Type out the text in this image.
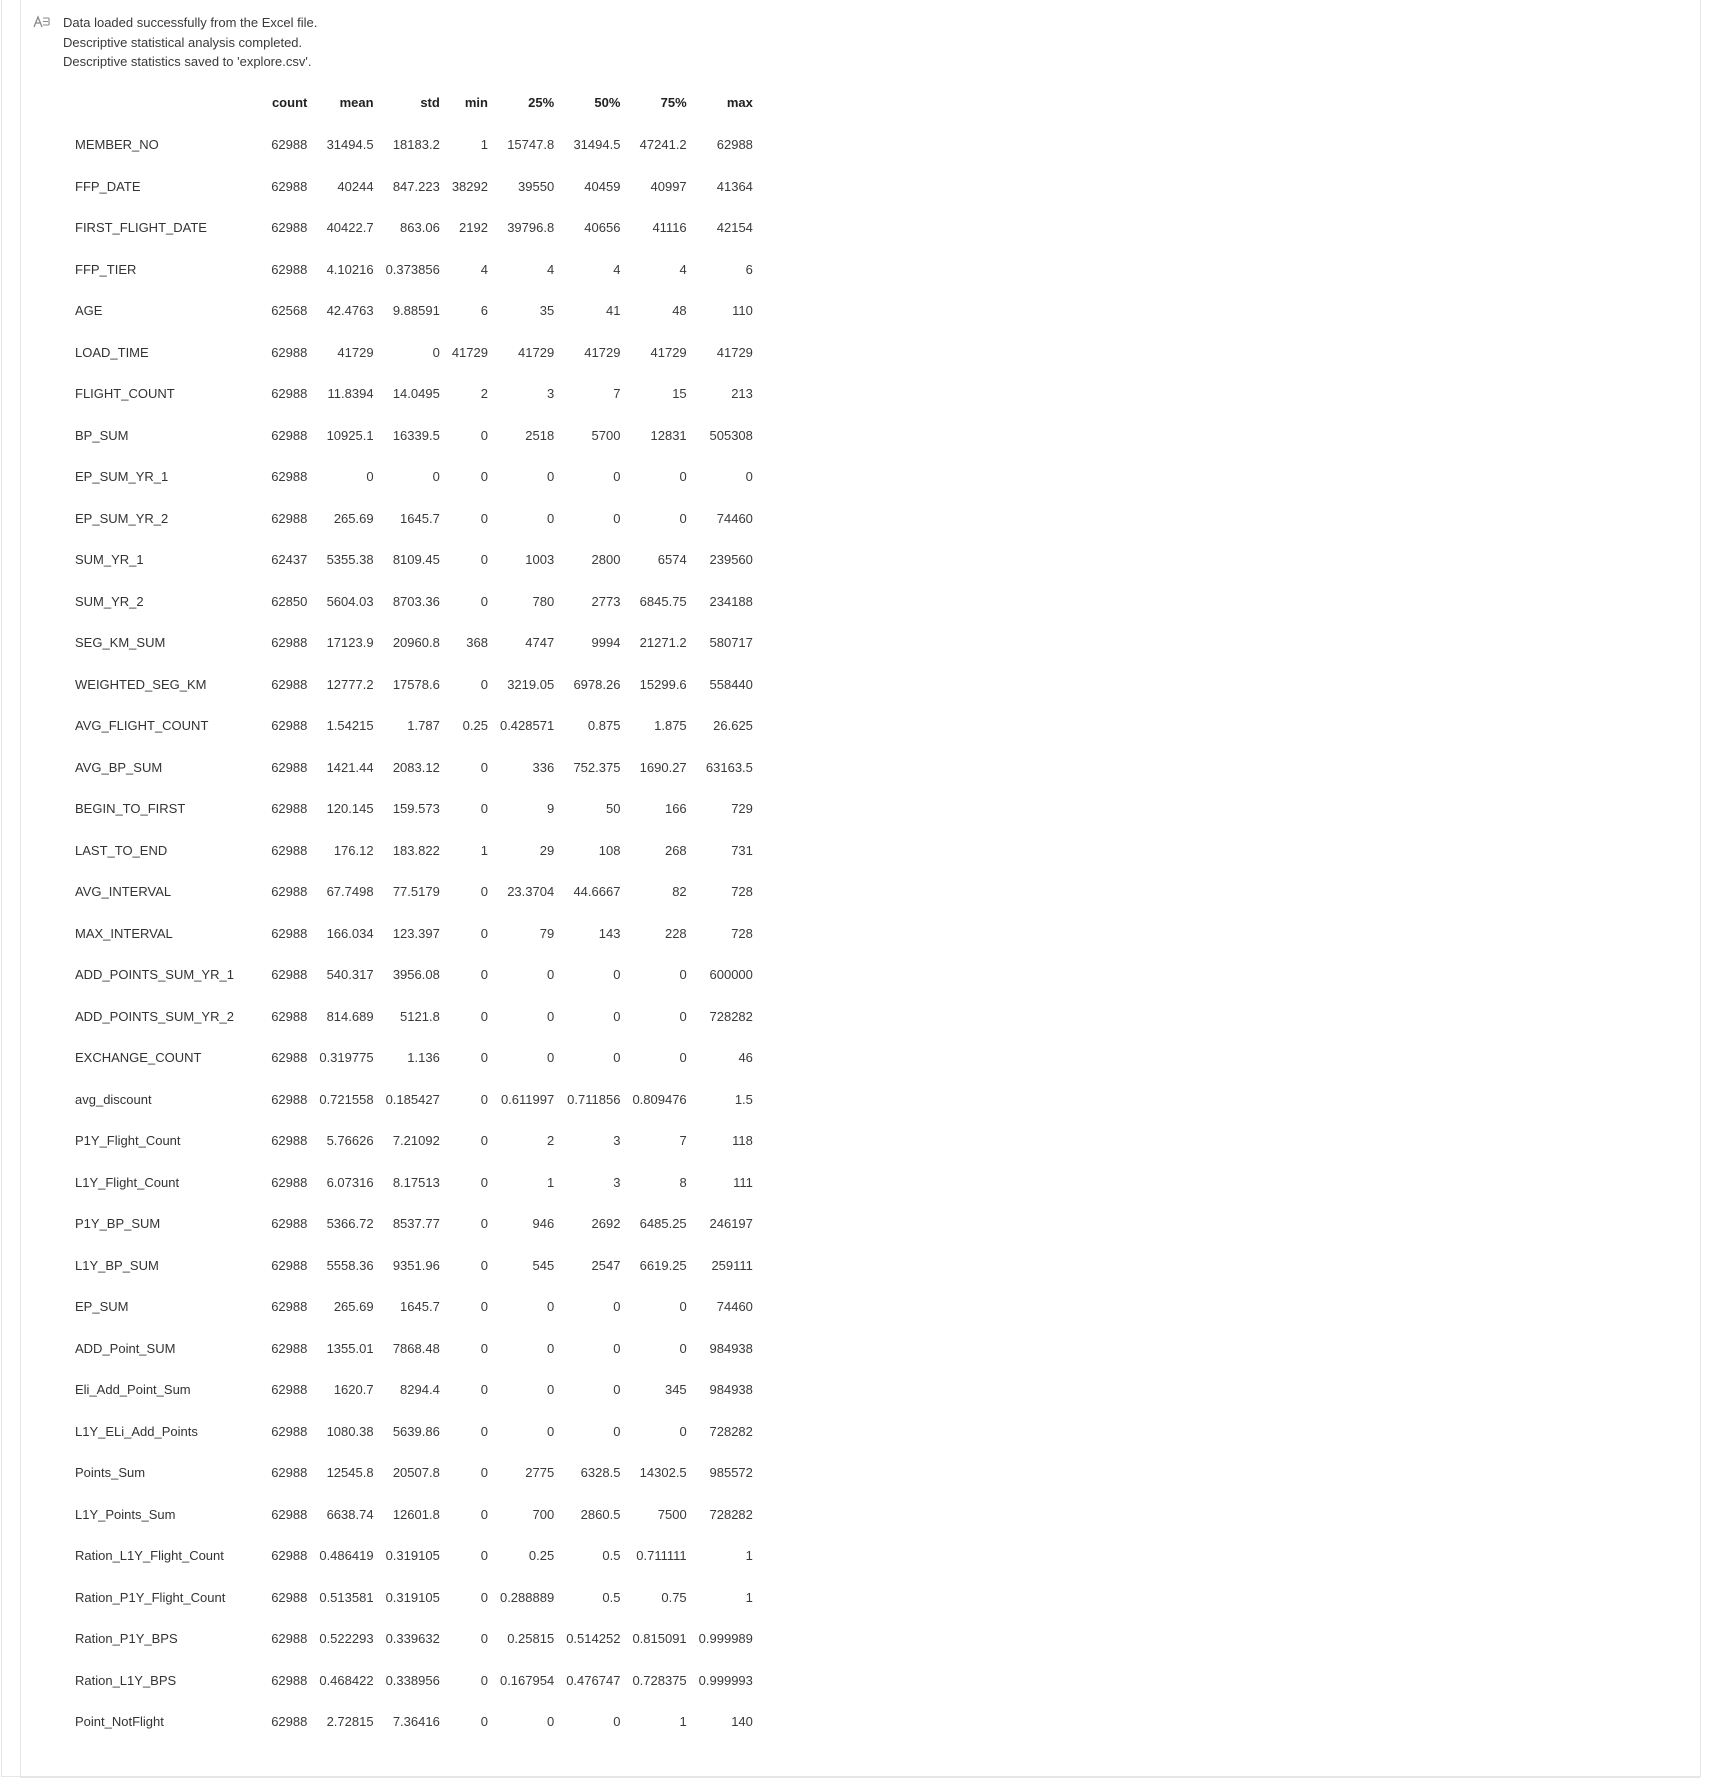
Data loaded successfully from the Excel file.
Descriptive statistical analysis completed.
Descriptive statistics saved to 'explore.csv'.
	count	mean	std	min	25%	50%	75%	max
MEMBER_NO	62988	31494.5	18183.2	1	15747.8	31494.5	47241.2	62988
FFP_DATE	62988	40244	847.223	38292	39550	40459	40997	41364
FIRST_FLIGHT_DATE	62988	40422.7	863.06	2192	39796.8	40656	41116	42154
FFP_TIER	62988	4.10216	0.373856	4	4	4	4	6
AGE	62568	42.4763	9.88591	6	35	41	48	110
LOAD_TIME	62988	41729	0	41729	41729	41729	41729	41729
FLIGHT_COUNT	62988	11.8394	14.0495	2	3	7	15	213
BP_SUM	62988	10925.1	16339.5	0	2518	5700	12831	505308
EP_SUM_YR_1	62988	0	0	0	0	0	0	0
EP_SUM_YR_2	62988	265.69	1645.7	0	0	0	0	74460
SUM_YR_1	62437	5355.38	8109.45	0	1003	2800	6574	239560
SUM_YR_2	62850	5604.03	8703.36	0	780	2773	6845.75	234188
SEG_KM_SUM	62988	17123.9	20960.8	368	4747	9994	21271.2	580717
WEIGHTED_SEG_KM	62988	12777.2	17578.6	0	3219.05	6978.26	15299.6	558440
AVG_FLIGHT_COUNT	62988	1.54215	1.787	0.25	0.428571	0.875	1.875	26.625
AVG_BP_SUM	62988	1421.44	2083.12	0	336	752.375	1690.27	63163.5
BEGIN_TO_FIRST	62988	120.145	159.573	0	9	50	166	729
LAST_TO_END	62988	176.12	183.822	1	29	108	268	731
AVG_INTERVAL	62988	67.7498	77.5179	0	23.3704	44.6667	82	728
MAX_INTERVAL	62988	166.034	123.397	0	79	143	228	728
ADD_POINTS_SUM_YR_1	62988	540.317	3956.08	0	0	0	0	600000
ADD_POINTS_SUM_YR_2	62988	814.689	5121.8	0	0	0	0	728282
EXCHANGE_COUNT	62988	0.319775	1.136	0	0	0	0	46
avg_discount	62988	0.721558	0.185427	0	0.611997	0.711856	0.809476	1.5
P1Y_Flight_Count	62988	5.76626	7.21092	0	2	3	7	118
L1Y_Flight_Count	62988	6.07316	8.17513	0	1	3	8	111
P1Y_BP_SUM	62988	5366.72	8537.77	0	946	2692	6485.25	246197
L1Y_BP_SUM	62988	5558.36	9351.96	0	545	2547	6619.25	259111
EP_SUM	62988	265.69	1645.7	0	0	0	0	74460
ADD_Point_SUM	62988	1355.01	7868.48	0	0	0	0	984938
Eli_Add_Point_Sum	62988	1620.7	8294.4	0	0	0	345	984938
L1Y_ELi_Add_Points	62988	1080.38	5639.86	0	0	0	0	728282
Points_Sum	62988	12545.8	20507.8	0	2775	6328.5	14302.5	985572
L1Y_Points_Sum	62988	6638.74	12601.8	0	700	2860.5	7500	728282
Ration_L1Y_Flight_Count	62988	0.486419	0.319105	0	0.25	0.5	0.711111	1
Ration_P1Y_Flight_Count	62988	0.513581	0.319105	0	0.288889	0.5	0.75	1
Ration_P1Y_BPS	62988	0.522293	0.339632	0	0.25815	0.514252	0.815091	0.999989
Ration_L1Y_BPS	62988	0.468422	0.338956	0	0.167954	0.476747	0.728375	0.999993
Point_NotFlight	62988	2.72815	7.36416	0	0	0	1	140
